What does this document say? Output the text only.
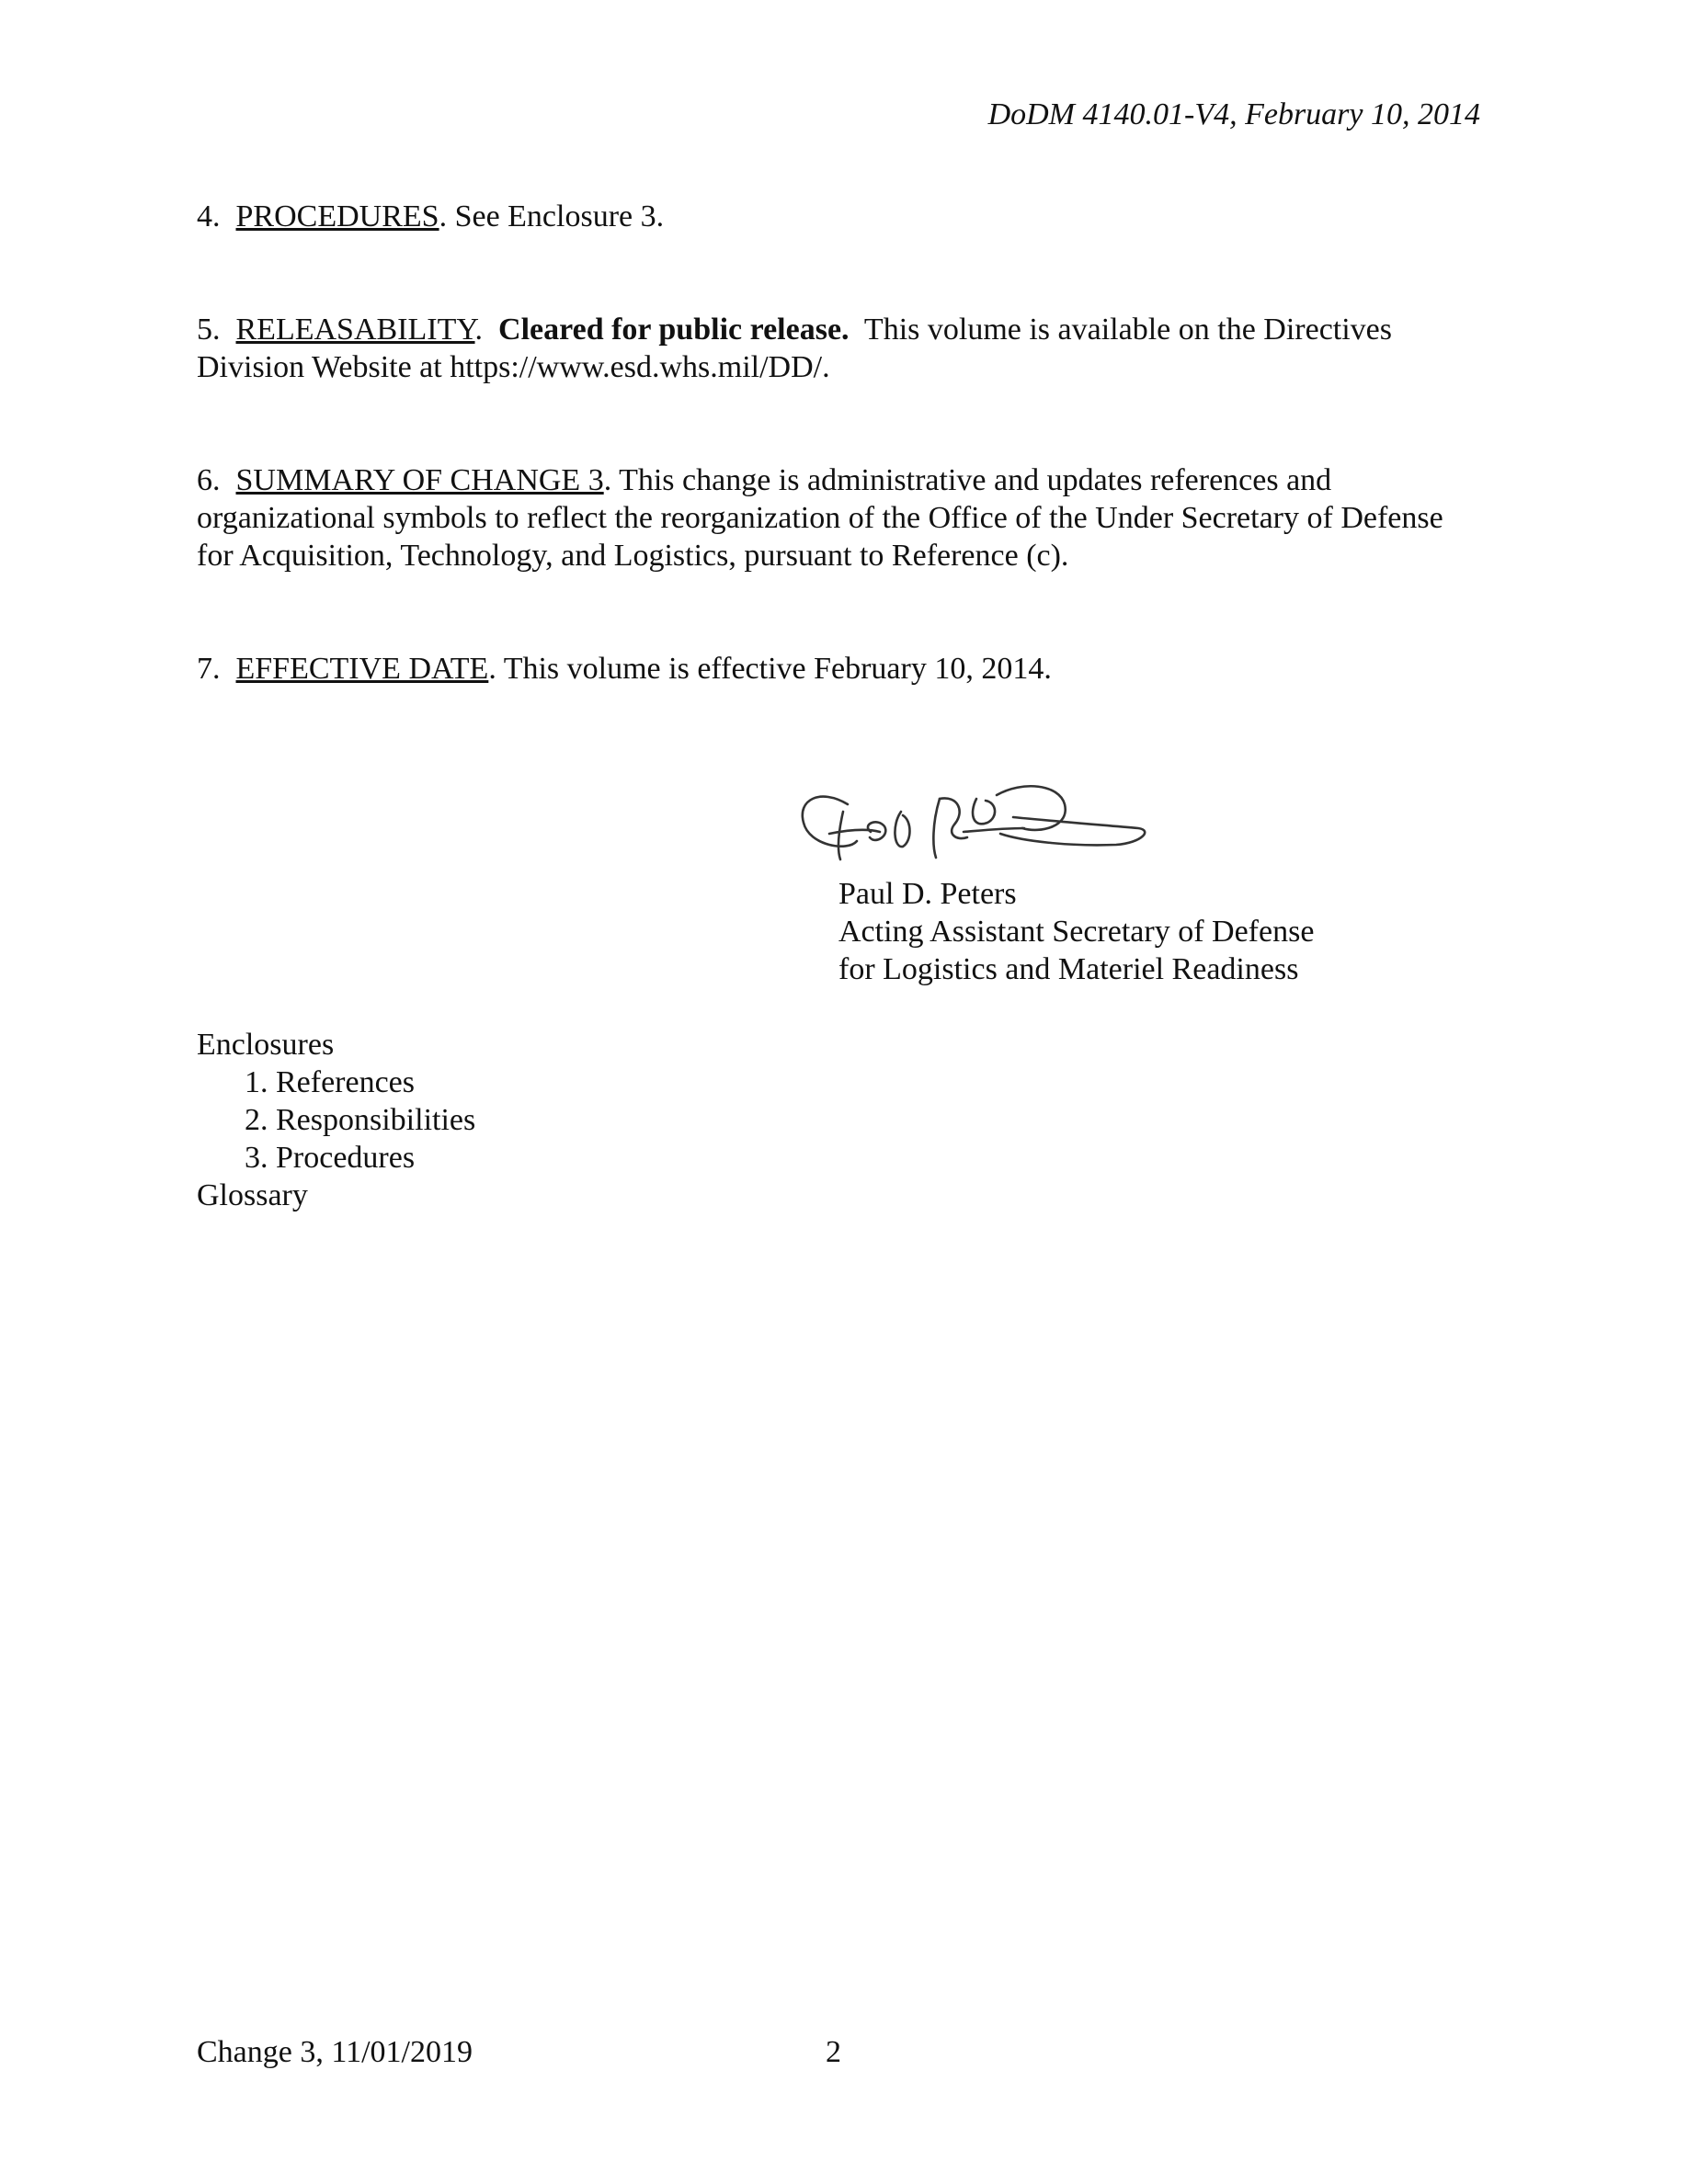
DoDM 4140.01-V4, February 10, 2014
4. PROCEDURES. See Enclosure 3.
5. RELEASABILITY.  Cleared for public release.  This volume is available on the Directives Division Website at https://www.esd.whs.mil/DD/.
6. SUMMARY OF CHANGE 3. This change is administrative and updates references and organizational symbols to reflect the reorganization of the Office of the Under Secretary of Defense for Acquisition, Technology, and Logistics, pursuant to Reference (c).
7. EFFECTIVE DATE. This volume is effective February 10, 2014.
Paul D. Peters
Acting Assistant Secretary of Defense
for Logistics and Materiel Readiness
Enclosures
1. References
2. Responsibilities
3. Procedures
Glossary
Change 3, 11/01/2019	2
